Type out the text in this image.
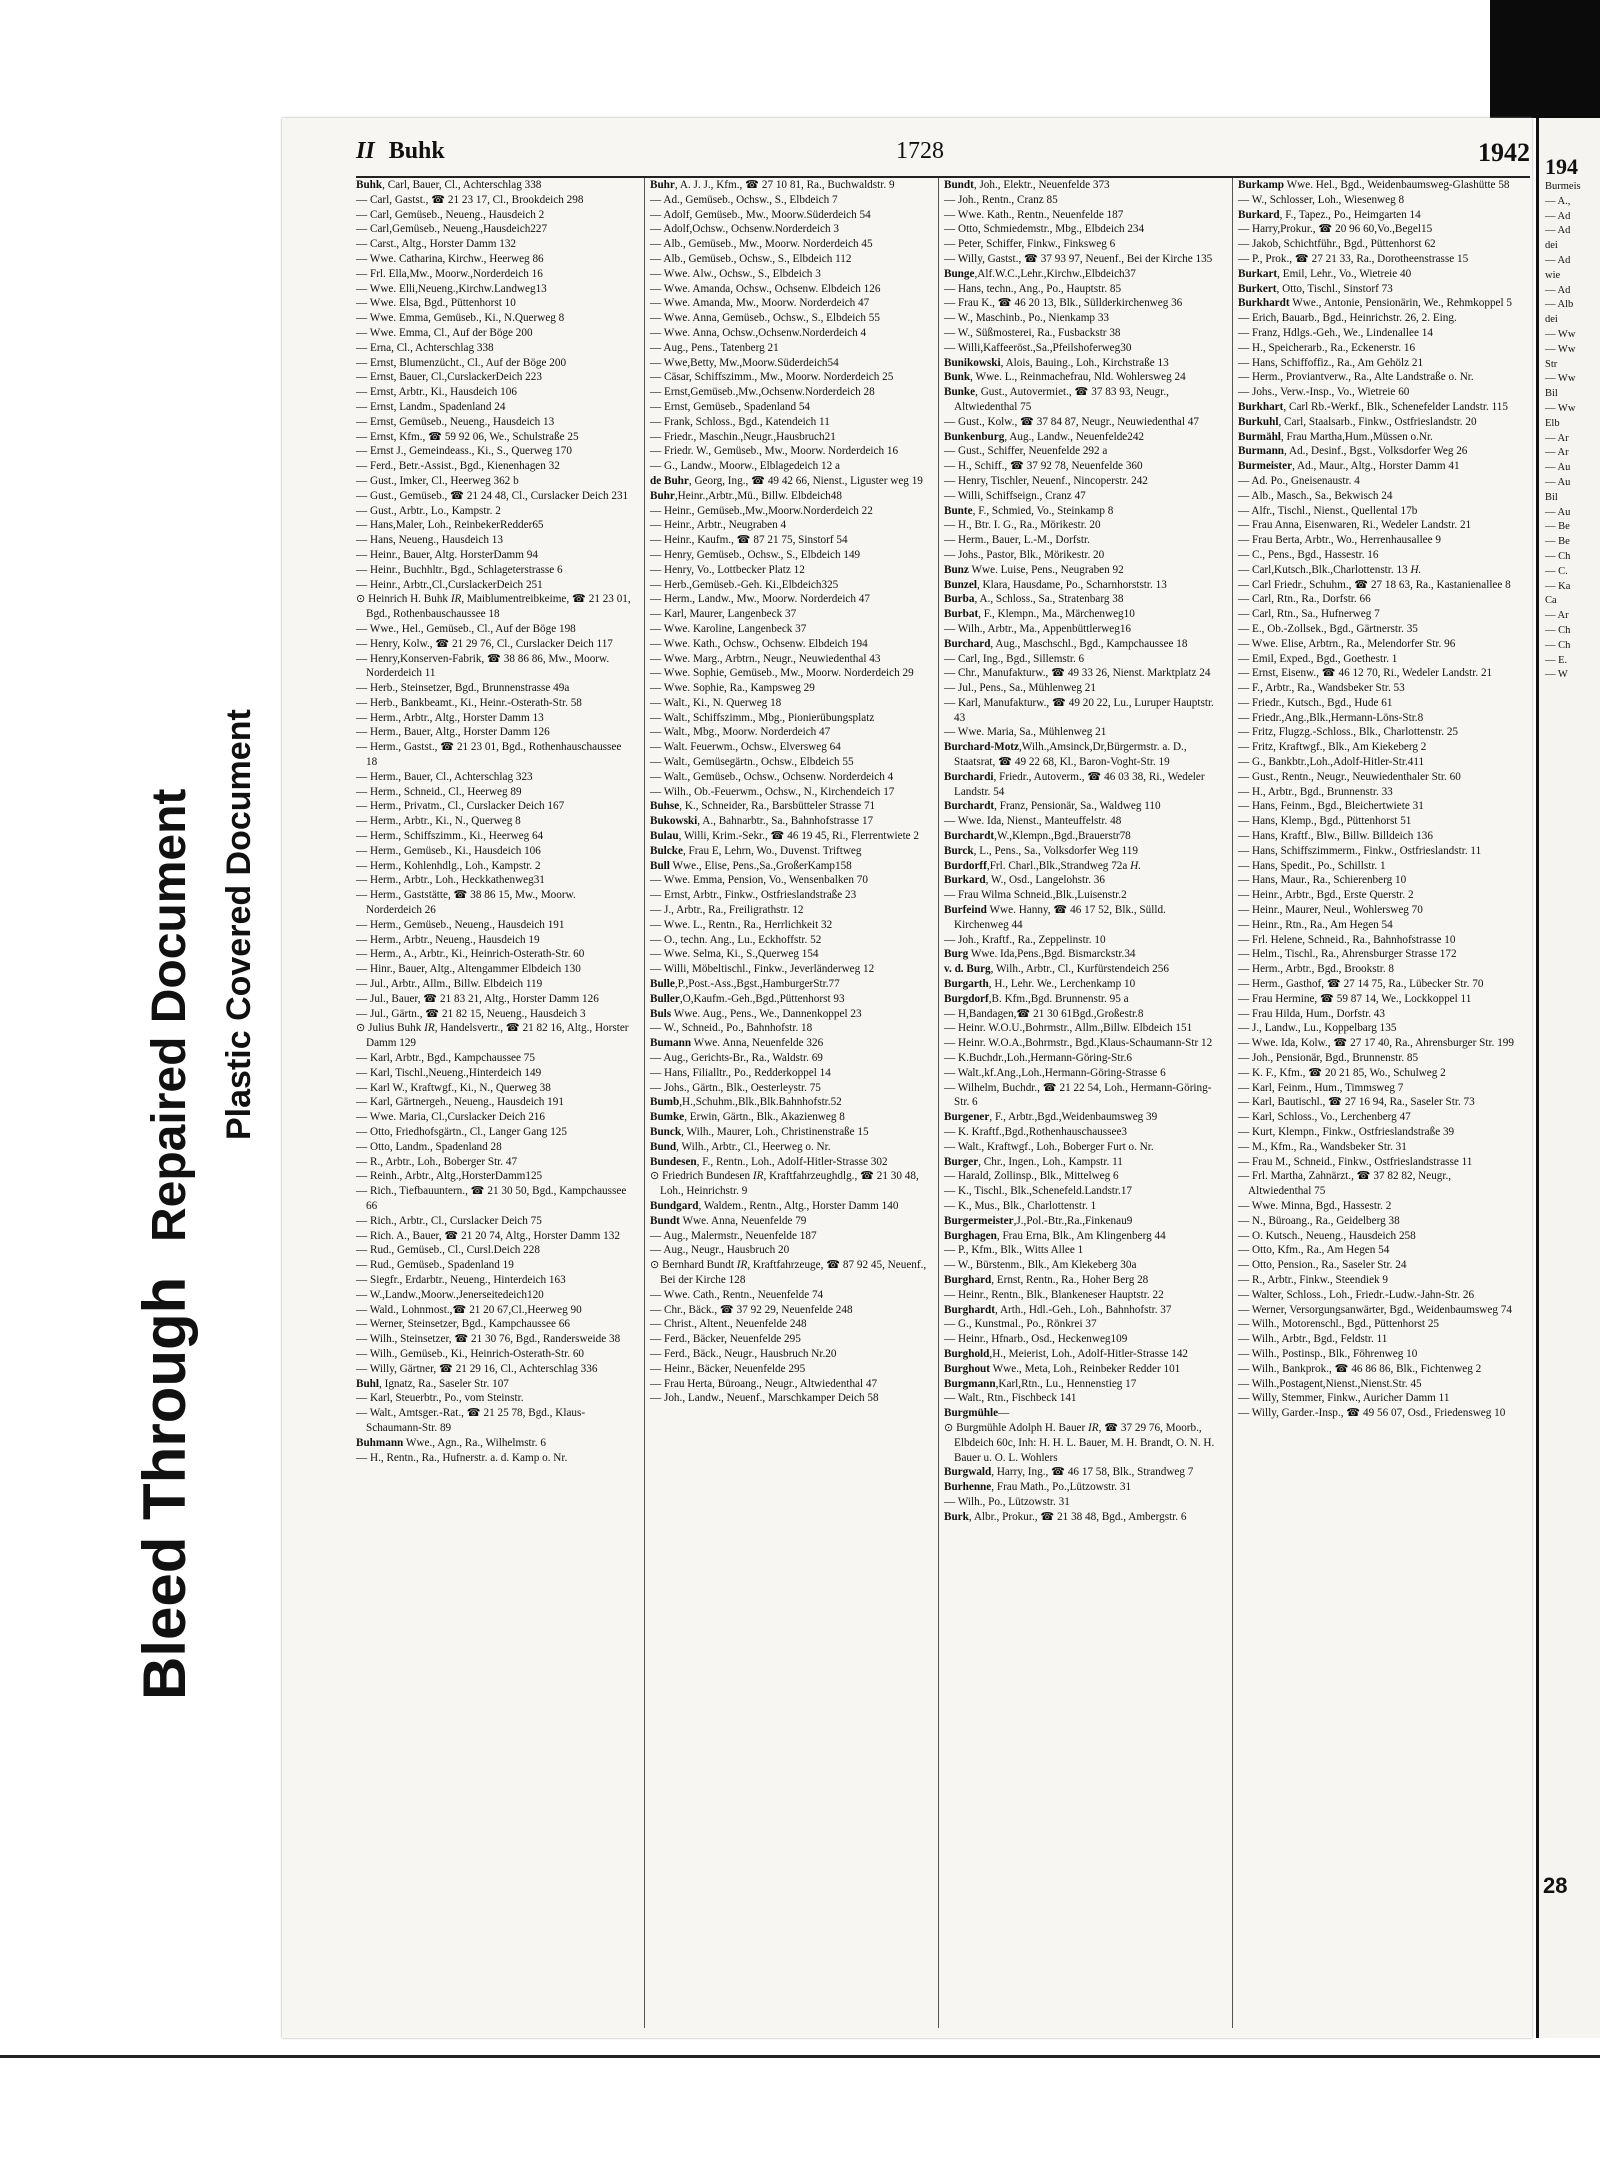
Bleed Through Repaired Document Plastic Covered Document
II Buhk	1728	1942

Buhk, Carl, Bauer, Cl., Achterschlag 338

— Carl, Gastst., ☎ 21 23 17, Cl., Brookdeich 298

— Carl, Gemüseb., Neueng., Hausdeich 2

— Carl,Gemüseb., Neueng.,Hausdeich227

— Carst., Altg., Horster Damm 132

— Wwe. Catharina, Kirchw., Heerweg 86

— Frl. Ella,Mw., Moorw.,Norderdeich 16

— Wwe. Elli,Neueng.,Kirchw.Landweg13

— Wwe. Elsa, Bgd., Püttenhorst 10

— Wwe. Emma, Gemüseb., Ki., N.Querweg 8

— Wwe. Emma, Cl., Auf der Böge 200

— Erna, Cl., Achterschlag 338

— Ernst, Blumenzücht., Cl., Auf der Böge 200

— Ernst, Bauer, Cl.,CurslackerDeich 223

— Ernst, Arbtr., Ki., Hausdeich 106

— Ernst, Landm., Spadenland 24

— Ernst, Gemüseb., Neueng., Hausdeich 13

— Ernst, Kfm., ☎ 59 92 06, We., Schulstraße 25

— Ernst J., Gemeindeass., Ki., S., Querweg 170

— Ferd., Betr.-Assist., Bgd., Kienenhagen 32

— Gust., Imker, Cl., Heerweg 362 b

— Gust., Gemüseb., ☎ 21 24 48, Cl., Curslacker Deich 231

— Gust., Arbtr., Lo., Kampstr. 2

— Hans,Maler, Loh., ReinbekerRedder65

— Hans, Neueng., Hausdeich 13

— Heinr., Bauer, Altg. HorsterDamm 94

— Heinr., Buchhltr., Bgd., Schlageterstrasse 6

— Heinr., Arbtr.,Cl.,CurslackerDeich 251

⊙ Heinrich H. Buhk IR, Maiblumentreibkeime, ☎ 21 23 01, Bgd., Rothenbauschaussee 18

— Wwe., Hel., Gemüseb., Cl., Auf der Böge 198

— Henry, Kolw., ☎ 21 29 76, Cl., Curslacker Deich 117

— Henry,Konserven-Fabrik, ☎ 38 86 86, Mw., Moorw. Norderdeich 11

— Herb., Steinsetzer, Bgd., Brunnenstrasse 49a

— Herb., Bankbeamt., Ki., Heinr.-Osterath-Str. 58

— Herm., Arbtr., Altg., Horster Damm 13

— Herm., Bauer, Altg., Horster Damm 126

— Herm., Gastst., ☎ 21 23 01, Bgd., Rothenhauschaussee 18

— Herm., Bauer, Cl., Achterschlag 323

— Herm., Schneid., Cl., Heerweg 89

— Herm., Privatm., Cl., Curslacker Deich 167

— Herm., Arbtr., Ki., N., Querweg 8

— Herm., Schiffszimm., Ki., Heerweg 64

— Herm., Gemüseb., Ki., Hausdeich 106

— Herm., Kohlenhdlg., Loh., Kampstr. 2

— Herm., Arbtr., Loh., Heckkathenweg31

— Herm., Gaststätte, ☎ 38 86 15, Mw., Moorw. Norderdeich 26

— Herm., Gemüseb., Neueng., Hausdeich 191

— Herm., Arbtr., Neueng., Hausdeich 19

— Herm., A., Arbtr., Ki., Heinrich-Osterath-Str. 60

— Hinr., Bauer, Altg., Altengammer Elbdeich 130

— Jul., Arbtr., Allm., Billw. Elbdeich 119

— Jul., Bauer, ☎ 21 83 21, Altg., Horster Damm 126

— Jul., Gärtn., ☎ 21 82 15, Neueng., Hausdeich 3

⊙ Julius Buhk IR, Handelsvertr., ☎ 21 82 16, Altg., Horster Damm 129

— Karl, Arbtr., Bgd., Kampchaussee 75

— Karl, Tischl.,Neueng.,Hinterdeich 149

— Karl W., Kraftwgf., Ki., N., Querweg 38

— Karl, Gärtnergeh., Neueng., Hausdeich 191

— Wwe. Maria, Cl.,Curslacker Deich 216

— Otto, Friedhofsgärtn., Cl., Langer Gang 125

— Otto, Landm., Spadenland 28

— R., Arbtr., Loh., Boberger Str. 47

— Reinh., Arbtr., Altg.,HorsterDamm125

— Rich., Tiefbauuntern., ☎ 21 30 50, Bgd., Kampchaussee 66

— Rich., Arbtr., Cl., Curslacker Deich 75

— Rich. A., Bauer, ☎ 21 20 74, Altg., Horster Damm 132

— Rud., Gemüseb., Cl., Cursl.Deich 228

— Rud., Gemüseb., Spadenland 19

— Siegfr., Erdarbtr., Neueng., Hinterdeich 163

— W.,Landw.,Moorw.,Jenerseitedeich120

— Wald., Lohnmost.,☎ 21 20 67,Cl.,Heerweg 90

— Werner, Steinsetzer, Bgd., Kampchaussee 66

— Wilh., Steinsetzer, ☎ 21 30 76, Bgd., Randersweide 38

— Wilh., Gemüseb., Ki., Heinrich-Osterath-Str. 60

— Willy, Gärtner, ☎ 21 29 16, Cl., Achterschlag 336

Buhl, Ignatz, Ra., Saseler Str. 107

— Karl, Steuerbtr., Po., vom Steinstr.

— Walt., Amtsger.-Rat., ☎ 21 25 78, Bgd., Klaus-Schaumann-Str. 89

Buhmann Wwe., Agn., Ra., Wilhelmstr. 6

— H., Rentn., Ra., Hufnerstr. a. d. Kamp o. Nr.

Buhr, A. J. J., Kfm., ☎ 27 10 81, Ra., Buchwaldstr. 9

— Ad., Gemüseb., Ochsw., S., Elbdeich 7

— Adolf, Gemüseb., Mw., Moorw.Süderdeich 54

— Adolf,Ochsw., Ochsenw.Norderdeich 3

— Alb., Gemüseb., Mw., Moorw. Norderdeich 45

— Alb., Gemüseb., Ochsw., S., Elbdeich 112

— Wwe. Alw., Ochsw., S., Elbdeich 3

— Wwe. Amanda, Ochsw., Ochsenw. Elbdeich 126

— Wwe. Amanda, Mw., Moorw. Norderdeich 47

— Wwe. Anna, Gemüseb., Ochsw., S., Elbdeich 55

— Wwe. Anna, Ochsw.,Ochsenw.Norderdeich 4

— Aug., Pens., Tatenberg 21

— Wwe,Betty, Mw.,Moorw.Süderdeich54

— Cäsar, Schiffszimm., Mw., Moorw. Norderdeich 25

— Ernst,Gemüseb.,Mw.,Ochsenw.Norderdeich 28

— Ernst, Gemüseb., Spadenland 54

— Frank, Schloss., Bgd., Katendeich 11

— Friedr., Maschin.,Neugr.,Hausbruch21

— Friedr. W., Gemüseb., Mw., Moorw. Norderdeich 16

— G., Landw., Moorw., Elblagedeich 12 a

de Buhr, Georg, Ing., ☎ 49 42 66, Nienst., Liguster weg 19

Buhr,Heinr.,Arbtr.,Mü., Billw. Elbdeich48

— Heinr., Gemüseb.,Mw.,Moorw.Norderdeich 22

— Heinr., Arbtr., Neugraben 4

— Heinr., Kaufm., ☎ 87 21 75, Sinstorf 54

— Henry, Gemüseb., Ochsw., S., Elbdeich 149

— Henry, Vo., Lottbecker Platz 12

— Herb.,Gemüseb.-Geh. Ki.,Elbdeich325

— Herm., Landw., Mw., Moorw. Norderdeich 47

— Karl, Maurer, Langenbeck 37

— Wwe. Karoline, Langenbeck 37

— Wwe. Kath., Ochsw., Ochsenw. Elbdeich 194

— Wwe. Marg., Arbtrn., Neugr., Neuwiedenthal 43

— Wwe. Sophie, Gemüseb., Mw., Moorw. Norderdeich 29

— Wwe. Sophie, Ra., Kampsweg 29

— Walt., Ki., N. Querweg 18

— Walt., Schiffszimm., Mbg., Pionierübungsplatz

— Walt., Mbg., Moorw. Norderdeich 47

— Walt. Feuerwm., Ochsw., Elversweg 64

— Walt., Gemüsegärtn., Ochsw., Elbdeich 55

— Walt., Gemüseb., Ochsw., Ochsenw. Norderdeich 4

— Wilh., Ob.-Feuerwm., Ochsw., N., Kirchendeich 17

Buhse, K., Schneider, Ra., Barsbütteler Strasse 71

Bukowski, A., Bahnarbtr., Sa., Bahnhofstrasse 17

Bulau, Willi, Krim.-Sekr., ☎ 46 19 45, Ri., Flerrentwiete 2

Bulcke, Frau E, Lehrn, Wo., Duvenst. Triftweg

Bull Wwe., Elise, Pens.,Sa.,GroßerKamp158

— Wwe. Emma, Pension, Vo., Wensenbalken 70

— Ernst, Arbtr., Finkw., Ostfrieslandstraße 23

— J., Arbtr., Ra., Freiligrathstr. 12

— Wwe. L., Rentn., Ra., Herrlichkeit 32

— O., techn. Ang., Lu., Eckhoffstr. 52

— Wwe. Selma, Ki., S.,Querweg 154

— Willi, Möbeltischl., Finkw., Jeverländerweg 12

Bulle,P.,Post.-Ass.,Bgst.,HamburgerStr.77

Buller,O,Kaufm.-Geh.,Bgd.,Püttenhorst 93

Buls Wwe. Aug., Pens., We., Dannenkoppel 23

— W., Schneid., Po., Bahnhofstr. 18

Bumann Wwe. Anna, Neuenfelde 326

— Aug., Gerichts-Br., Ra., Waldstr. 69

— Hans, Filialltr., Po., Redderkoppel 14

— Johs., Gärtn., Blk., Oesterleystr. 75

Bumb,H.,Schuhm.,Blk.,Blk.Bahnhofstr.52

Bumke, Erwin, Gärtn., Blk., Akazienweg 8

Bunck, Wilh., Maurer, Loh., Christinenstraße 15

Bund, Wilh., Arbtr., Cl., Heerweg o. Nr.

Bundesen, F., Rentn., Loh., Adolf-Hitler-Strasse 302

⊙ Friedrich Bundesen IR, Kraftfahrzeughdlg., ☎ 21 30 48, Loh., Heinrichstr. 9

Bundgard, Waldem., Rentn., Altg., Horster Damm 140

Bundt Wwe. Anna, Neuenfelde 79

— Aug., Malermstr., Neuenfelde 187

— Aug., Neugr., Hausbruch 20

⊙ Bernhard Bundt IR, Kraftfahrzeuge, ☎ 87 92 45, Neuenf., Bei der Kirche 128

— Wwe. Cath., Rentn., Neuenfelde 74

— Chr., Bäck., ☎ 37 92 29, Neuenfelde 248

— Christ., Altent., Neuenfelde 248

— Ferd., Bäcker, Neuenfelde 295

— Ferd., Bäck., Neugr., Hausbruch Nr.20

— Heinr., Bäcker, Neuenfelde 295

— Frau Herta, Büroang., Neugr., Altwiedenthal 47

— Joh., Landw., Neuenf., Marschkamper Deich 58

Bundt, Joh., Elektr., Neuenfelde 373

— Joh., Rentn., Cranz 85

— Wwe. Kath., Rentn., Neuenfelde 187

— Otto, Schmiedemstr., Mbg., Elbdeich 234

— Peter, Schiffer, Finkw., Finksweg 6

— Willy, Gastst., ☎ 37 93 97, Neuenf., Bei der Kirche 135

Bunge,Alf.W.C.,Lehr.,Kirchw.,Elbdeich37

— Hans, techn., Ang., Po., Hauptstr. 85

— Frau K., ☎ 46 20 13, Blk., Süllderkirchenweg 36

— W., Maschinb., Po., Nienkamp 33

— W., Süßmosterei, Ra., Fusbackstr 38

— Willi,Kaffeeröst.,Sa.,Pfeilshoferweg30

Bunikowski, Alois, Bauing., Loh., Kirchstraße 13

Bunk, Wwe. L., Reinmachefrau, Nld. Wohlersweg 24

Bunke, Gust., Autovermiet., ☎ 37 83 93, Neugr., Altwiedenthal 75

— Gust., Kolw., ☎ 37 84 87, Neugr., Neuwiedenthal 47

Bunkenburg, Aug., Landw., Neuenfelde242

— Gust., Schiffer, Neuenfelde 292 a

— H., Schiff., ☎ 37 92 78, Neuenfelde 360

— Henry, Tischler, Neuenf., Nincoperstr. 242

— Willi, Schiffseign., Cranz 47

Bunte, F., Schmied, Vo., Steinkamp 8

— H., Btr. I. G., Ra., Mörikestr. 20

— Herm., Bauer, L.-M., Dorfstr.

— Johs., Pastor, Blk., Mörikestr. 20

Bunz Wwe. Luise, Pens., Neugraben 92

Bunzel, Klara, Hausdame, Po., Scharnhorststr. 13

Burba, A., Schloss., Sa., Stratenbarg 38

Burbat, F., Klempn., Ma., Märchenweg10

— Wilh., Arbtr., Ma., Appenbüttlerweg16

Burchard, Aug., Maschschl., Bgd., Kampchaussee 18

— Carl, Ing., Bgd., Sillemstr. 6

— Chr., Manufakturw., ☎ 49 33 26, Nienst. Marktplatz 24

— Jul., Pens., Sa., Mühlenweg 21

— Karl, Manufakturw., ☎ 49 20 22, Lu., Luruper Hauptstr. 43

— Wwe. Maria, Sa., Mühlenweg 21

Burchard-Motz,Wilh.,Amsinck,Dr,Bürgermstr. a. D., Staatsrat, ☎ 49 22 68, Kl., Baron-Voght-Str. 19

Burchardi, Friedr., Autoverm., ☎ 46 03 38, Ri., Wedeler Landstr. 54

Burchardt, Franz, Pensionär, Sa., Waldweg 110

— Wwe. Ida, Nienst., Manteuffelstr. 48

Burchardt,W.,Klempn.,Bgd.,Brauerstr78

Burck, L., Pens., Sa., Volksdorfer Weg 119

Burdorff,Frl. Charl.,Blk.,Strandweg 72a H.

Burkard, W., Osd., Langelohstr. 36

— Frau Wilma Schneid.,Blk.,Luisenstr.2

Burfeind Wwe. Hanny, ☎ 46 17 52, Blk., Sülld. Kirchenweg 44

— Joh., Kraftf., Ra., Zeppelinstr. 10

Burg Wwe. Ida,Pens.,Bgd. Bismarckstr.34

v. d. Burg, Wilh., Arbtr., Cl., Kurfürstendeich 256

Burgarth, H., Lehr. We., Lerchenkamp 10

Burgdorf,B. Kfm.,Bgd. Brunnenstr. 95 a

— H,Bandagen,☎ 21 30 61Bgd.,Großestr.8

— Heinr. W.O.U.,Bohrmstr., Allm.,Billw. Elbdeich 151

— Heinr. W.O.A.,Bohrmstr., Bgd.,Klaus-Schaumann-Str 12

— K.Buchdr.,Loh.,Hermann-Göring-Str.6

— Walt.,kf.Ang.,Loh.,Hermann-Göring-Strasse 6

— Wilhelm, Buchdr., ☎ 21 22 54, Loh., Hermann-Göring-Str. 6

Burgener, F., Arbtr.,Bgd.,Weidenbaumsweg 39

— K. Kraftf.,Bgd.,Rothenhauschaussee3

— Walt., Kraftwgf., Loh., Boberger Furt o. Nr.

Burger, Chr., Ingen., Loh., Kampstr. 11

— Harald, Zollinsp., Blk., Mittelweg 6

— K., Tischl., Blk.,Schenefeld.Landstr.17

— K., Mus., Blk., Charlottenstr. 1

Burgermeister,J.,Pol.-Btr.,Ra.,Finkenau9

Burghagen, Frau Erna, Blk., Am Klingenberg 44

— P., Kfm., Blk., Witts Allee 1

— W., Bürstenm., Blk., Am Klekeberg 30a

Burghard, Ernst, Rentn., Ra., Hoher Berg 28

— Heinr., Rentn., Blk., Blankeneser Hauptstr. 22

Burghardt, Arth., Hdl.-Geh., Loh., Bahnhofstr. 37

— G., Kunstmal., Po., Rönkrei 37

— Heinr., Hfnarb., Osd., Heckenweg109

Burghold,H., Meierist, Loh., Adolf-Hitler-Strasse 142

Burghout Wwe., Meta, Loh., Reinbeker Redder 101

Burgmann,Karl,Rtn., Lu., Hennenstieg 17

— Walt., Rtn., Fischbeck 141

Burgmühle—

⊙ Burgmühle Adolph H. Bauer IR, ☎ 37 29 76, Moorb., Elbdeich 60c, Inh: H. H. L. Bauer, M. H. Brandt, O. N. H. Bauer u. O. L. Wohlers

Burgwald, Harry, Ing., ☎ 46 17 58, Blk., Strandweg 7

Burhenne, Frau Math., Po.,Lützowstr. 31

— Wilh., Po., Lützowstr. 31

Burk, Albr., Prokur., ☎ 21 38 48, Bgd., Ambergstr. 6

Burkamp Wwe. Hel., Bgd., Weidenbaumsweg-Glashütte 58

— W., Schlosser, Loh., Wiesenweg 8

Burkard, F., Tapez., Po., Heimgarten 14

— Harry,Prokur., ☎ 20 96 60,Vo.,Begel15

— Jakob, Schichtführ., Bgd., Püttenhorst 62

— P., Prok., ☎ 27 21 33, Ra., Dorotheenstrasse 15

Burkart, Emil, Lehr., Vo., Wietreie 40

Burkert, Otto, Tischl., Sinstorf 73

Burkhardt Wwe., Antonie, Pensionärin, We., Rehmkoppel 5

— Erich, Bauarb., Bgd., Heinrichstr. 26, 2. Eing.

— Franz, Hdlgs.-Geh., We., Lindenallee 14

— H., Speicherarb., Ra., Eckenerstr. 16

— Hans, Schiffoffiz., Ra., Am Gehölz 21

— Herm., Proviantverw., Ra., Alte Landstraße o. Nr.

— Johs., Verw.-Insp., Vo., Wietreie 60

Burkhart, Carl Rb.-Werkf., Blk., Schenefelder Landstr. 115

Burkuhl, Carl, Staalsarb., Finkw., Ostfrieslandstr. 20

Burmähl, Frau Martha,Hum.,Müssen o.Nr.

Burmann, Ad., Desinf., Bgst., Volksdorfer Weg 26

Burmeister, Ad., Maur., Altg., Horster Damm 41

— Ad. Po., Gneisenaustr. 4

— Alb., Masch., Sa., Bekwisch 24

— Alfr., Tischl., Nienst., Quellental 17b

— Frau Anna, Eisenwaren, Ri., Wedeler Landstr. 21

— Frau Berta, Arbtr., Wo., Herrenhausallee 9

— C., Pens., Bgd., Hassestr. 16

— Carl,Kutsch.,Blk.,Charlottenstr. 13 H.

— Carl Friedr., Schuhm., ☎ 27 18 63, Ra., Kastanienallee 8

— Carl, Rtn., Ra., Dorfstr. 66

— Carl, Rtn., Sa., Hufnerweg 7

— E., Ob.-Zollsek., Bgd., Gärtnerstr. 35

— Wwe. Elise, Arbtrn., Ra., Melendorfer Str. 96

— Emil, Exped., Bgd., Goethestr. 1

— Ernst, Eisenw., ☎ 46 12 70, Ri., Wedeler Landstr. 21

— F., Arbtr., Ra., Wandsbeker Str. 53

— Friedr., Kutsch., Bgd., Hude 61

— Friedr.,Ang.,Blk.,Hermann-Löns-Str.8

— Fritz, Flugzg.-Schloss., Blk., Charlottenstr. 25

— Fritz, Kraftwgf., Blk., Am Kiekeberg 2

— G., Bankbtr.,Loh.,Adolf-Hitler-Str.411

— Gust., Rentn., Neugr., Neuwiedenthaler Str. 60

— H., Arbtr., Bgd., Brunnenstr. 33

— Hans, Feinm., Bgd., Bleichertwiete 31

— Hans, Klemp., Bgd., Püttenhorst 51

— Hans, Kraftf., Blw., Billw. Billdeich 136

— Hans, Schiffszimmerm., Finkw., Ostfrieslandstr. 11

— Hans, Spedit., Po., Schillstr. 1

— Hans, Maur., Ra., Schierenberg 10

— Heinr., Arbtr., Bgd., Erste Querstr. 2

— Heinr., Maurer, Neul., Wohlersweg 70

— Heinr., Rtn., Ra., Am Hegen 54

— Frl. Helene, Schneid., Ra., Bahnhofstrasse 10

— Helm., Tischl., Ra., Ahrensburger Strasse 172

— Herm., Arbtr., Bgd., Brookstr. 8

— Herm., Gasthof, ☎ 27 14 75, Ra., Lübecker Str. 70

— Frau Hermine, ☎ 59 87 14, We., Lockkoppel 11

— Frau Hilda, Hum., Dorfstr. 43

— J., Landw., Lu., Koppelbarg 135

— Wwe. Ida, Kolw., ☎ 27 17 40, Ra., Ahrensburger Str. 199

— Joh., Pensionär, Bgd., Brunnenstr. 85

— K. F., Kfm., ☎ 20 21 85, Wo., Schulweg 2

— Karl, Feinm., Hum., Timmsweg 7

— Karl, Bautischl., ☎ 27 16 94, Ra., Saseler Str. 73

— Karl, Schloss., Vo., Lerchenberg 47

— Kurt, Klempn., Finkw., Ostfrieslandstraße 39

— M., Kfm., Ra., Wandsbeker Str. 31

— Frau M., Schneid., Finkw., Ostfrieslandstrasse 11

— Frl. Martha, Zahnärzt., ☎ 37 82 82, Neugr., Altwiedenthal 75

— Wwe. Minna, Bgd., Hassestr. 2

— N., Büroang., Ra., Geidelberg 38

— O. Kutsch., Neueng., Hausdeich 258

— Otto, Kfm., Ra., Am Hegen 54

— Otto, Pension., Ra., Saseler Str. 24

— R., Arbtr., Finkw., Steendiek 9

— Walter, Schloss., Loh., Friedr.-Ludw.-Jahn-Str. 26

— Werner, Versorgungsanwärter, Bgd., Weidenbaumsweg 74

— Wilh., Motorenschl., Bgd., Püttenhorst 25

— Wilh., Arbtr., Bgd., Feldstr. 11

— Wilh., Postinsp., Blk., Föhrenweg 10

— Wilh., Bankprok., ☎ 46 86 86, Blk., Fichtenweg 2

— Wilh.,Postagent,Nienst.,Nienst.Str. 45

— Willy, Stemmer, Finkw., Auricher Damm 11

— Willy, Garder.-Insp., ☎ 49 56 07, Osd., Friedensweg 10

194
Burmeis
— A.,
— Ad
— Ad
dei
— Ad
wie
— Ad
— Alb
dei
— Ww
— Ww
Str
— Ww
Bil
— Ww
Elb
— Ar
— Ar
— Au
— Au
Bil
— Au
— Be
— Be
— Ch
— C.
— Ka
Ca
— Ar
— Ch
— Ch
— E.
— W
28
